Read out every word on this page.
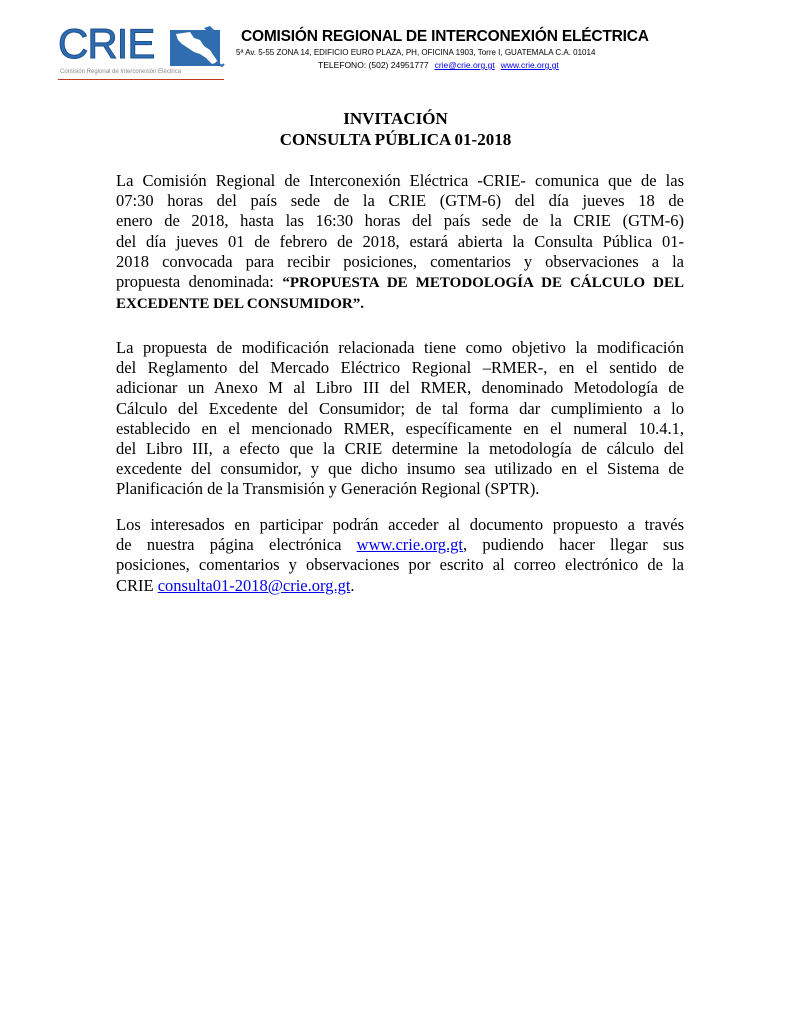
CRIE
Comisión Regional de Interconexión Eléctrica
COMISIÓN REGIONAL DE INTERCONEXIÓN ELÉCTRICA
5ª Av. 5-55 ZONA 14, EDIFICIO EURO PLAZA, PH, OFICINA 1903, Torre I, GUATEMALA C.A. 01014
TELEFONO: (502) 24951777 crie@crie.org.gt www.crie.org.gt
INVITACIÓN
CONSULTA PÚBLICA 01-2018
La Comisión Regional de Interconexión Eléctrica -CRIE- comunica que de las
07:30 horas del país sede de la CRIE (GTM-6) del día jueves 18 de
enero de 2018, hasta las 16:30 horas del país sede de la CRIE (GTM-6)
del día jueves 01 de febrero de 2018, estará abierta la Consulta Pública 01-
2018 convocada para recibir posiciones, comentarios y observaciones a la
propuesta denominada: “PROPUESTA DE METODOLOGÍA DE CÁLCULO DEL
EXCEDENTE DEL CONSUMIDOR”.
La propuesta de modificación relacionada tiene como objetivo la modificación
del Reglamento del Mercado Eléctrico Regional –RMER-, en el sentido de
adicionar un Anexo M al Libro III del RMER, denominado Metodología de
Cálculo del Excedente del Consumidor; de tal forma dar cumplimiento a lo
establecido en el mencionado RMER, específicamente en el numeral 10.4.1,
del Libro III, a efecto que la CRIE determine la metodología de cálculo del
excedente del consumidor, y que dicho insumo sea utilizado en el Sistema de
Planificación de la Transmisión y Generación Regional (SPTR).
Los interesados en participar podrán acceder al documento propuesto a través
de nuestra página electrónica www.crie.org.gt, pudiendo hacer llegar sus
posiciones, comentarios y observaciones por escrito al correo electrónico de la
CRIE consulta01-2018@crie.org.gt.
